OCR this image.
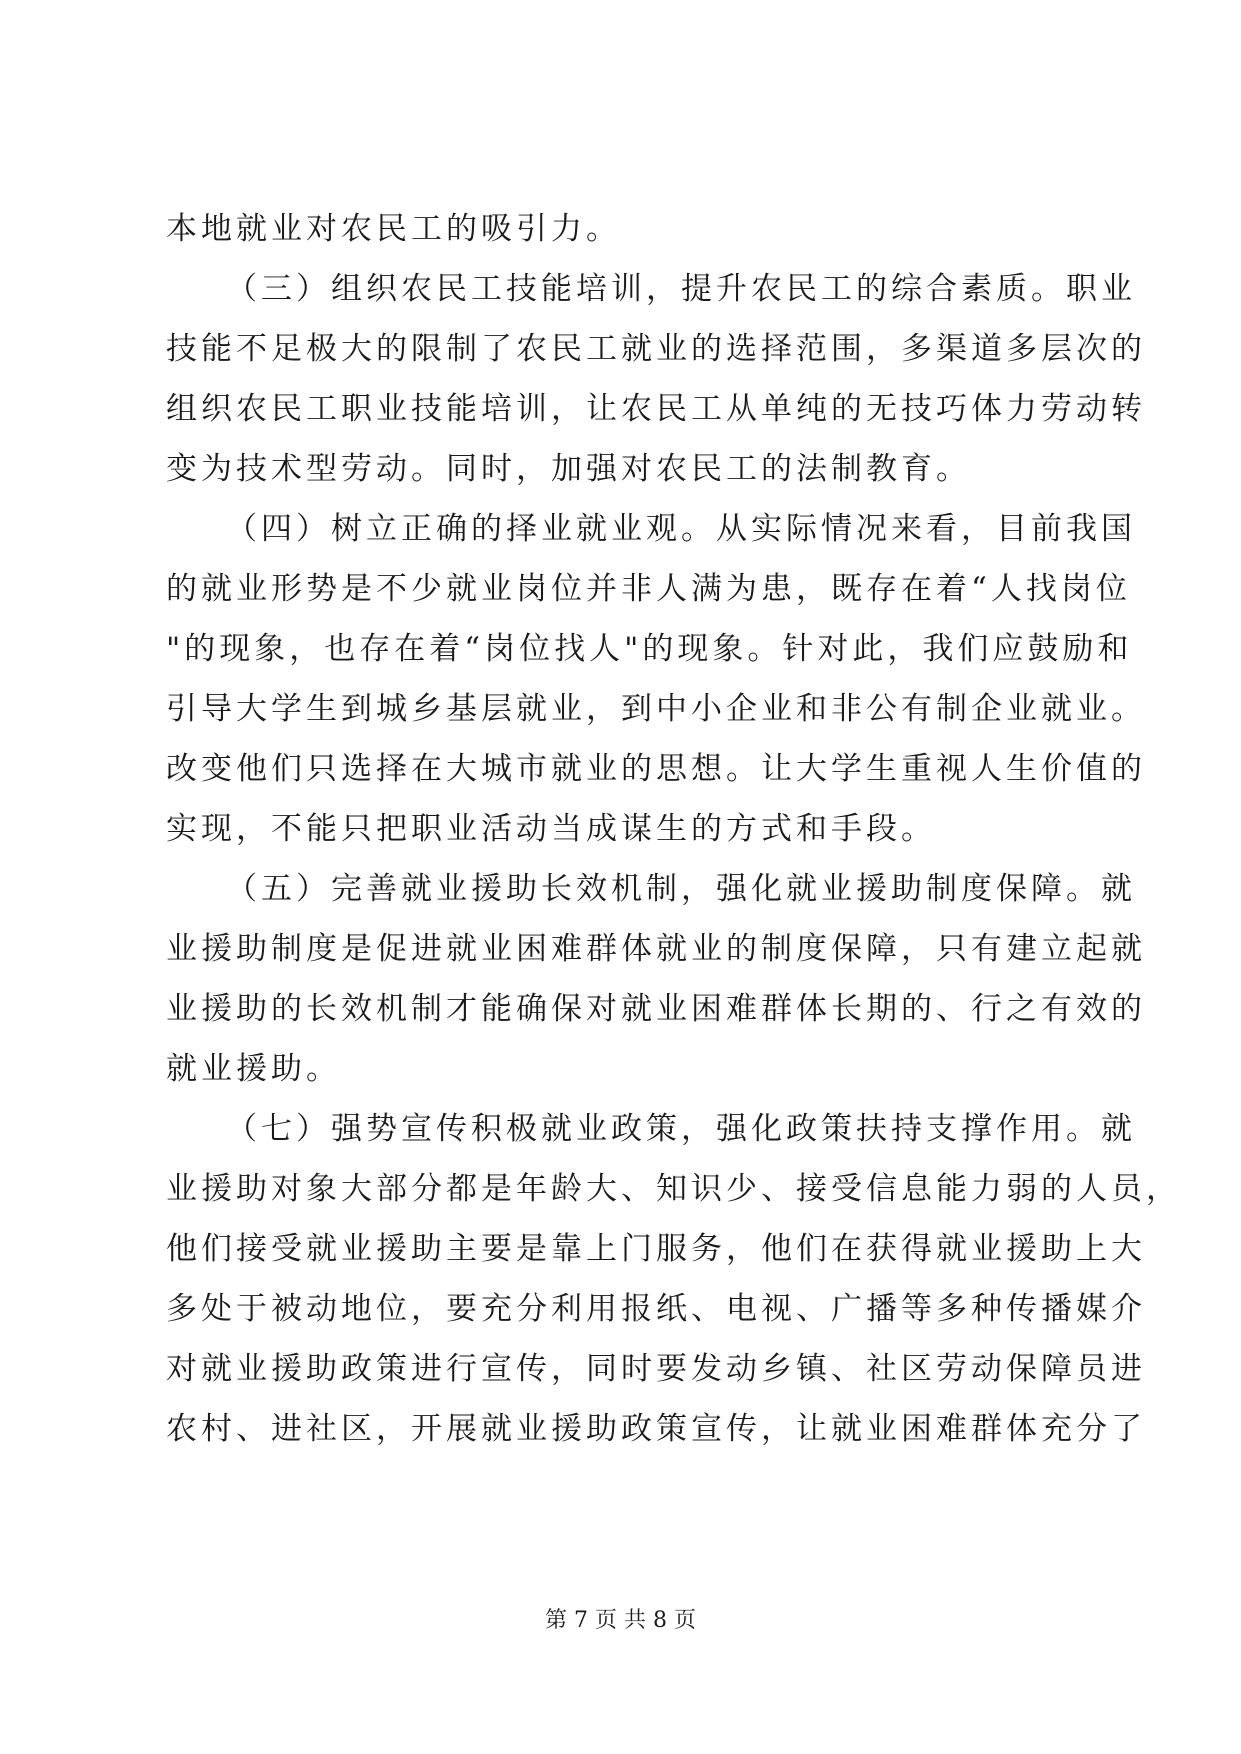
本地就业对农民工的吸引力。
（三）组织农民工技能培训，提升农民工的综合素质。职业
技能不足极大的限制了农民工就业的选择范围，多渠道多层次的
组织农民工职业技能培训，让农民工从单纯的无技巧体力劳动转
变为技术型劳动。同时，加强对农民工的法制教育。
（四）树立正确的择业就业观。从实际情况来看，目前我国
的就业形势是不少就业岗位并非人满为患，既存在着“人找岗位
"的现象，也存在着“岗位找人"的现象。针对此，我们应鼓励和
引导大学生到城乡基层就业，到中小企业和非公有制企业就业。
改变他们只选择在大城市就业的思想。让大学生重视人生价值的
实现，不能只把职业活动当成谋生的方式和手段。
（五）完善就业援助长效机制，强化就业援助制度保障。就
业援助制度是促进就业困难群体就业的制度保障，只有建立起就
业援助的长效机制才能确保对就业困难群体长期的、行之有效的
就业援助。
（七）强势宣传积极就业政策，强化政策扶持支撑作用。就
业援助对象大部分都是年龄大、知识少、接受信息能力弱的人员，
他们接受就业援助主要是靠上门服务，他们在获得就业援助上大
多处于被动地位，要充分利用报纸、电视、广播等多种传播媒介
对就业援助政策进行宣传，同时要发动乡镇、社区劳动保障员进
农村、进社区，开展就业援助政策宣传，让就业困难群体充分了
第 7 页 共 8 页
